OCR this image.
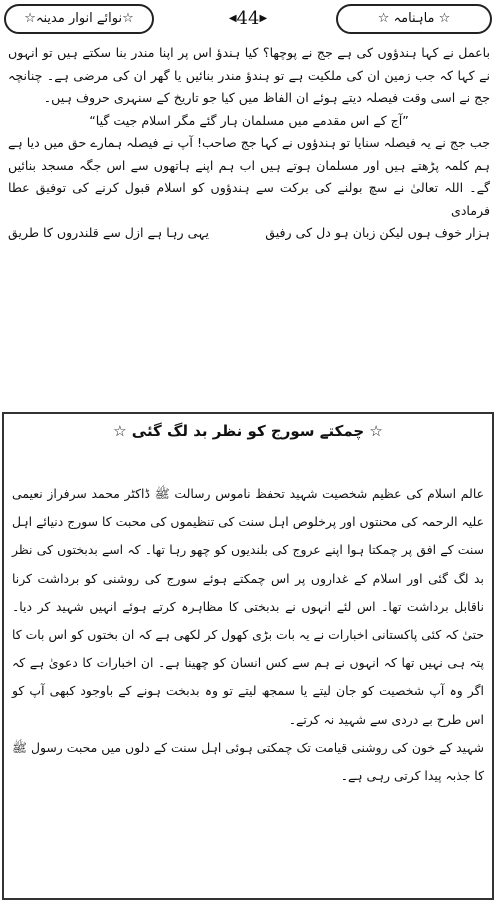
☆نوائے انوار مدینہ☆	◀44▶	☆ ماہنامہ ☆

باعمل نے کہا ہندؤوں کی ہے جج نے پوچھا؟ کیا ہندؤ اس پر اپنا مندر بنا سکتے ہیں تو انہوں نے کہا کہ جب زمین ان کی ملکیت ہے تو ہندؤ مندر بنائیں یا گھر ان کی مرضی ہے۔ چنانچہ جج نے اسی وقت فیصلہ دیتے ہوئے ان الفاظ میں کیا جو تاریخ کے سنہری حروف ہیں۔

”آج کے اس مقدمے میں مسلمان ہار گئے مگر اسلام جیت گیا“

جب جج نے یہ فیصلہ سنایا تو ہندؤوں نے کہا جج صاحب! آپ نے فیصلہ ہمارے حق میں دیا ہے ہم کلمہ پڑھتے ہیں اور مسلمان ہوتے ہیں اب ہم اپنے ہاتھوں سے اس جگہ مسجد بنائیں گے۔ اللہ تعالیٰ نے سچ بولنے کی برکت سے ہندؤوں کو اسلام قبول کرنے کی توفیق عطا فرمادی

ہزار خوف ہوں لیکن زبان ہو دل کی رفیق
یہی رہا ہے ازل سے قلندروں کا طریق
☆ چمکتے سورج کو نظر بد لگ گئی ☆

عالم اسلام کی عظیم شخصیت شہید تحفظ ناموس رسالت ﷺ ڈاکٹر محمد سرفراز نعیمی علیہ الرحمہ کی محنتوں اور پرخلوص اہل سنت کی تنظیموں کی محبت کا سورج دنیائے اہل سنت کے افق پر چمکتا ہوا اپنے عروج کی بلندیوں کو چھو رہا تھا۔ کہ اسے بدبختوں کی نظر بد لگ گئی اور اسلام کے غداروں پر اس چمکتے ہوئے سورج کی روشنی کو برداشت کرنا ناقابل برداشت تھا۔ اس لئے انہوں نے بدبختی کا مظاہرہ کرتے ہوئے انہیں شہید کر دیا۔ حتیٰ کہ کئی پاکستانی اخبارات نے یہ بات بڑی کھول کر لکھی ہے کہ ان بختوں کو اس بات کا پتہ ہی نہیں تھا کہ انہوں نے ہم سے کس انسان کو چھینا ہے۔ ان اخبارات کا دعویٰ ہے کہ اگر وہ آپ شخصیت کو جان لیتے یا سمجھ لیتے تو وہ بدبخت ہونے کے باوجود کبھی آپ کو اس طرح بے دردی سے شہید نہ کرتے۔

شہید کے خون کی روشنی قیامت تک چمکتی ہوئی اہل سنت کے دلوں میں محبت رسول ﷺ کا جذبہ پیدا کرتی رہی ہے۔
